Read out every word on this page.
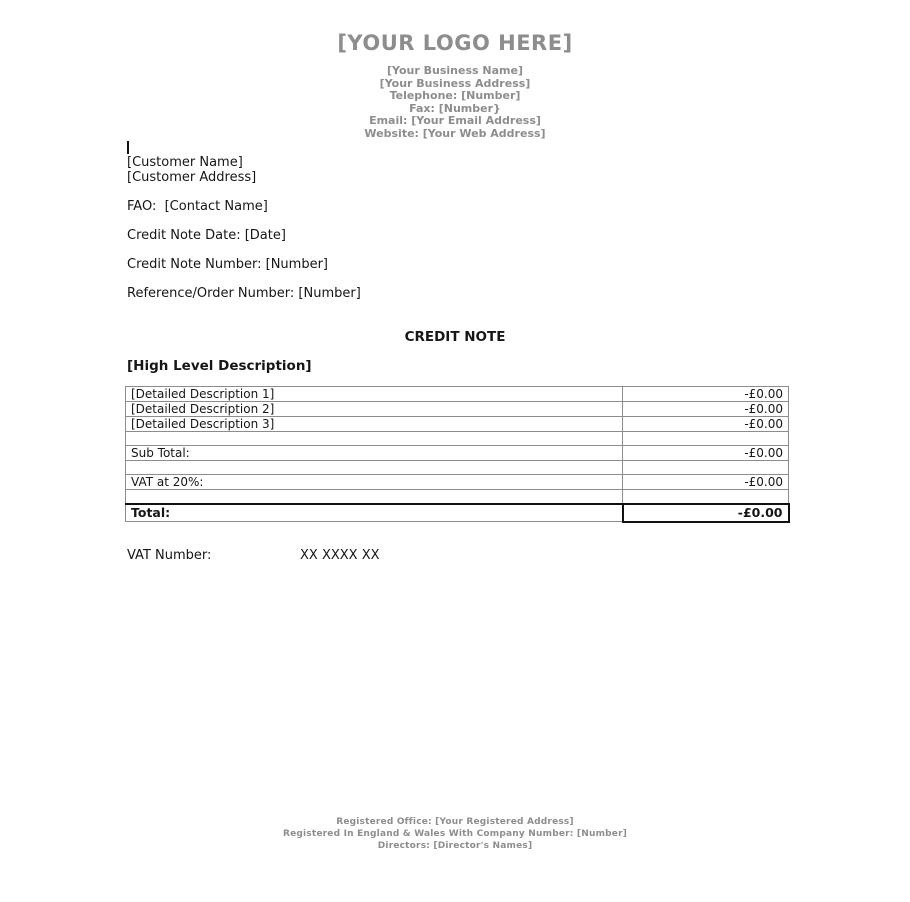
[YOUR LOGO HERE]
[Your Business Name]
[Your Business Address]
Telephone: [Number]
Fax: [Number}
Email: [Your Email Address]
Website: [Your Web Address]
[Customer Name]
[Customer Address]
FAO:  [Contact Name]
Credit Note Date: [Date]
Credit Note Number: [Number]
Reference/Order Number: [Number]
CREDIT NOTE
[High Level Description]
[Detailed Description 1]	-£0.00
[Detailed Description 2]	-£0.00
[Detailed Description 3]	-£0.00

Sub Total:	-£0.00

VAT at 20%:	-£0.00

Total:	-£0.00
VAT Number:	XX XXXX XX
Registered Office: [Your Registered Address]
Registered In England & Wales With Company Number: [Number]
Directors: [Director's Names]
